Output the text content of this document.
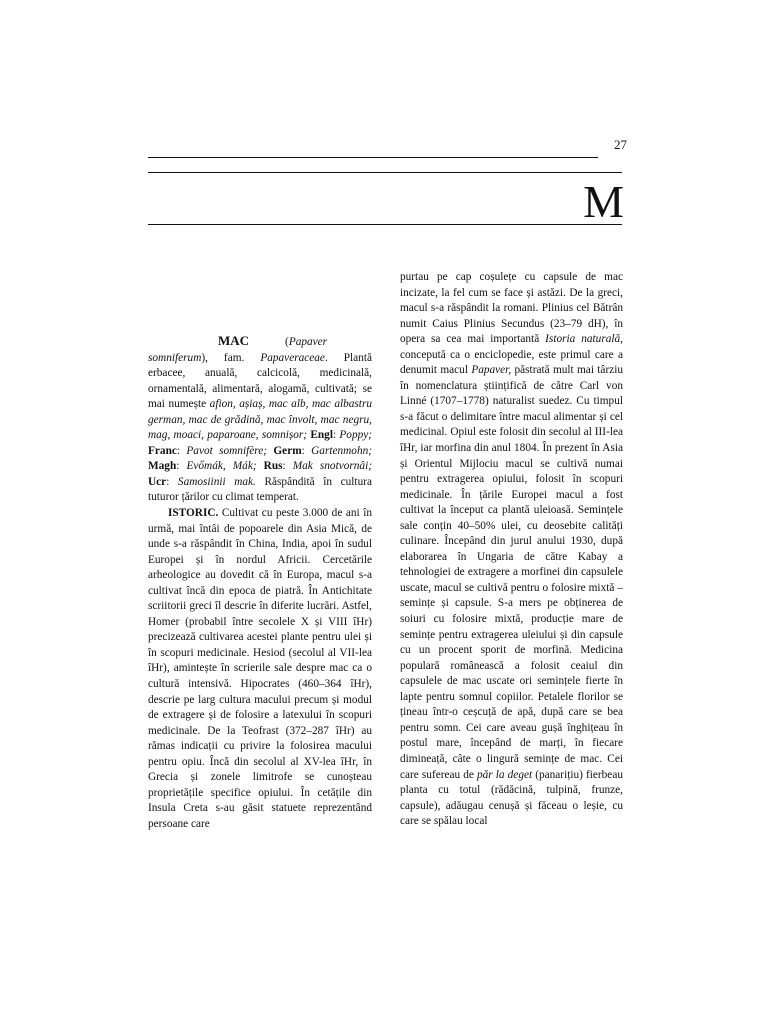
27
M

MAC	(Papaver somniferum), fam. Papaveraceae. Plantă erbacee, anuală, calcicolă, medicinală, ornamentală, alimentară, alogamă, cultivată; se mai numește afion, așiaș, mac alb, mac albastru german, mac de grădină, mac învolt, mac negru, mag, moaci, paparoane, somnișor; Engl: Poppy; Franc: Pavot somnifère; Germ: Gartenmohn; Magh: Evőmák, Mák; Rus: Mak snotvornâi; Ucr: Samosiinii mak. Răspândită în cultura tuturor țărilor cu climat temperat.

ISTORIC. Cultivat cu peste 3.000 de ani în urmă, mai întâi de popoarele din Asia Mică, de unde s-a răspândit în China, India, apoi în sudul Europei și în nordul Africii. Cercetările arheologice au dovedit că în Europa, macul s-a cultivat încă din epoca de piatră. În Antichitate scriitorii greci îl descrie în diferite lucrări. Astfel, Homer (probabil între secolele X și VIII îHr) precizează cultivarea acestei plante pentru ulei și în scopuri medicinale. Hesiod (secolul al VII-lea îHr), amintește în scrierile sale despre mac ca o cultură intensivă. Hipocrates (460–364 îHr), descrie pe larg cultura macului precum și modul de extragere și de folosire a latexului în scopuri medicinale. De la Teofrast (372–287 îHr) au rămas indicații cu privire la folosirea macului pentru opiu. Încă din secolul al XV-lea îHr, în Grecia și zonele limitrofe se cunoșteau proprietățile specifice opiului. În cetățile din Insula Creta s-au găsit statuete reprezentând persoane care

purtau pe cap coșulețe cu capsule de mac incizate, la fel cum se face și astăzi. De la greci, macul s-a răspândit la romani. Plinius cel Bătrân numit Caius Plinius Secundus (23–79 dH), în opera sa cea mai importantă Istoria naturală, concepută ca o enciclopedie, este primul care a denumit macul Papaver, păstrată mult mai târziu în nomenclatura științifică de către Carl von Linné (1707–1778) naturalist suedez. Cu timpul s-a făcut o delimitare între macul alimentar și cel medicinal. Opiul este folosit din secolul al III-lea îHr, iar morfina din anul 1804. În prezent în Asia și Orientul Mijlociu macul se cultivă numai pentru extragerea opiului, folosit în scopuri medicinale. În țările Europei macul a fost cultivat la început ca plantă uleioasă. Semințele sale conțin 40–50% ulei, cu deosebite calități culinare. Începând din jurul anului 1930, după elaborarea în Ungaria de către Kabay a tehnologiei de extragere a morfinei din capsulele uscate, macul se cultivă pentru o folosire mixtă – semințe și capsule. S-a mers pe obținerea de soiuri cu folosire mixtă, producție mare de semințe pentru extragerea uleiului și din capsule cu un procent sporit de morfină. Medicina populară românească a folosit ceaiul din capsulele de mac uscate ori semințele fierte în lapte pentru somnul copiilor. Petalele florilor se țineau într-o ceșcuță de apă, după care se bea pentru somn. Cei care aveau gușă înghițeau în postul mare, începând de marți, în fiecare dimineață, câte o lingură semințe de mac. Cei care sufereau de păr la deget (panarițiu) fierbeau planta cu totul (rădăcină, tulpină, frunze, capsule), adăugau cenușă și făceau o leșie, cu care se spălau local
